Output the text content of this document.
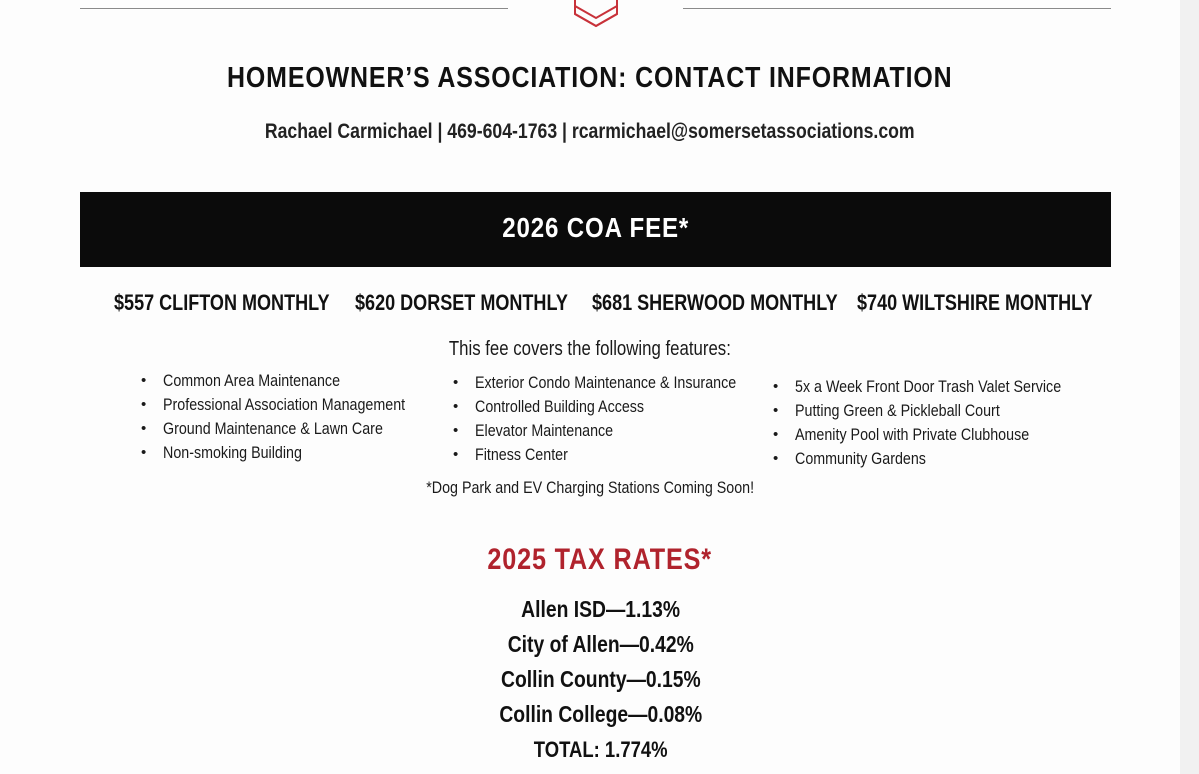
HOMEOWNER’S ASSOCIATION: CONTACT INFORMATION
Rachael Carmichael | 469-604-1763 | rcarmichael@somersetassociations.com
2026 COA FEE*
$557 CLIFTON MONTHLY	$620 DORSET MONTHLY	$681 SHERWOOD MONTHLY $740 WILTSHIRE MONTHLY
This fee covers the following features:
• Common Area Maintenance
• Professional Association Management
• Ground Maintenance & Lawn Care
• Non-smoking Building
• Exterior Condo Maintenance & Insurance
• Controlled Building Access
• Elevator Maintenance
• Fitness Center
• 5x a Week Front Door Trash Valet Service
• Putting Green & Pickleball Court
• Amenity Pool with Private Clubhouse
• Community Gardens
*Dog Park and EV Charging Stations Coming Soon!
2025 TAX RATES*
Allen ISD—1.13%
City of Allen—0.42%
Collin County—0.15%
Collin College—0.08%
TOTAL: 1.774%
